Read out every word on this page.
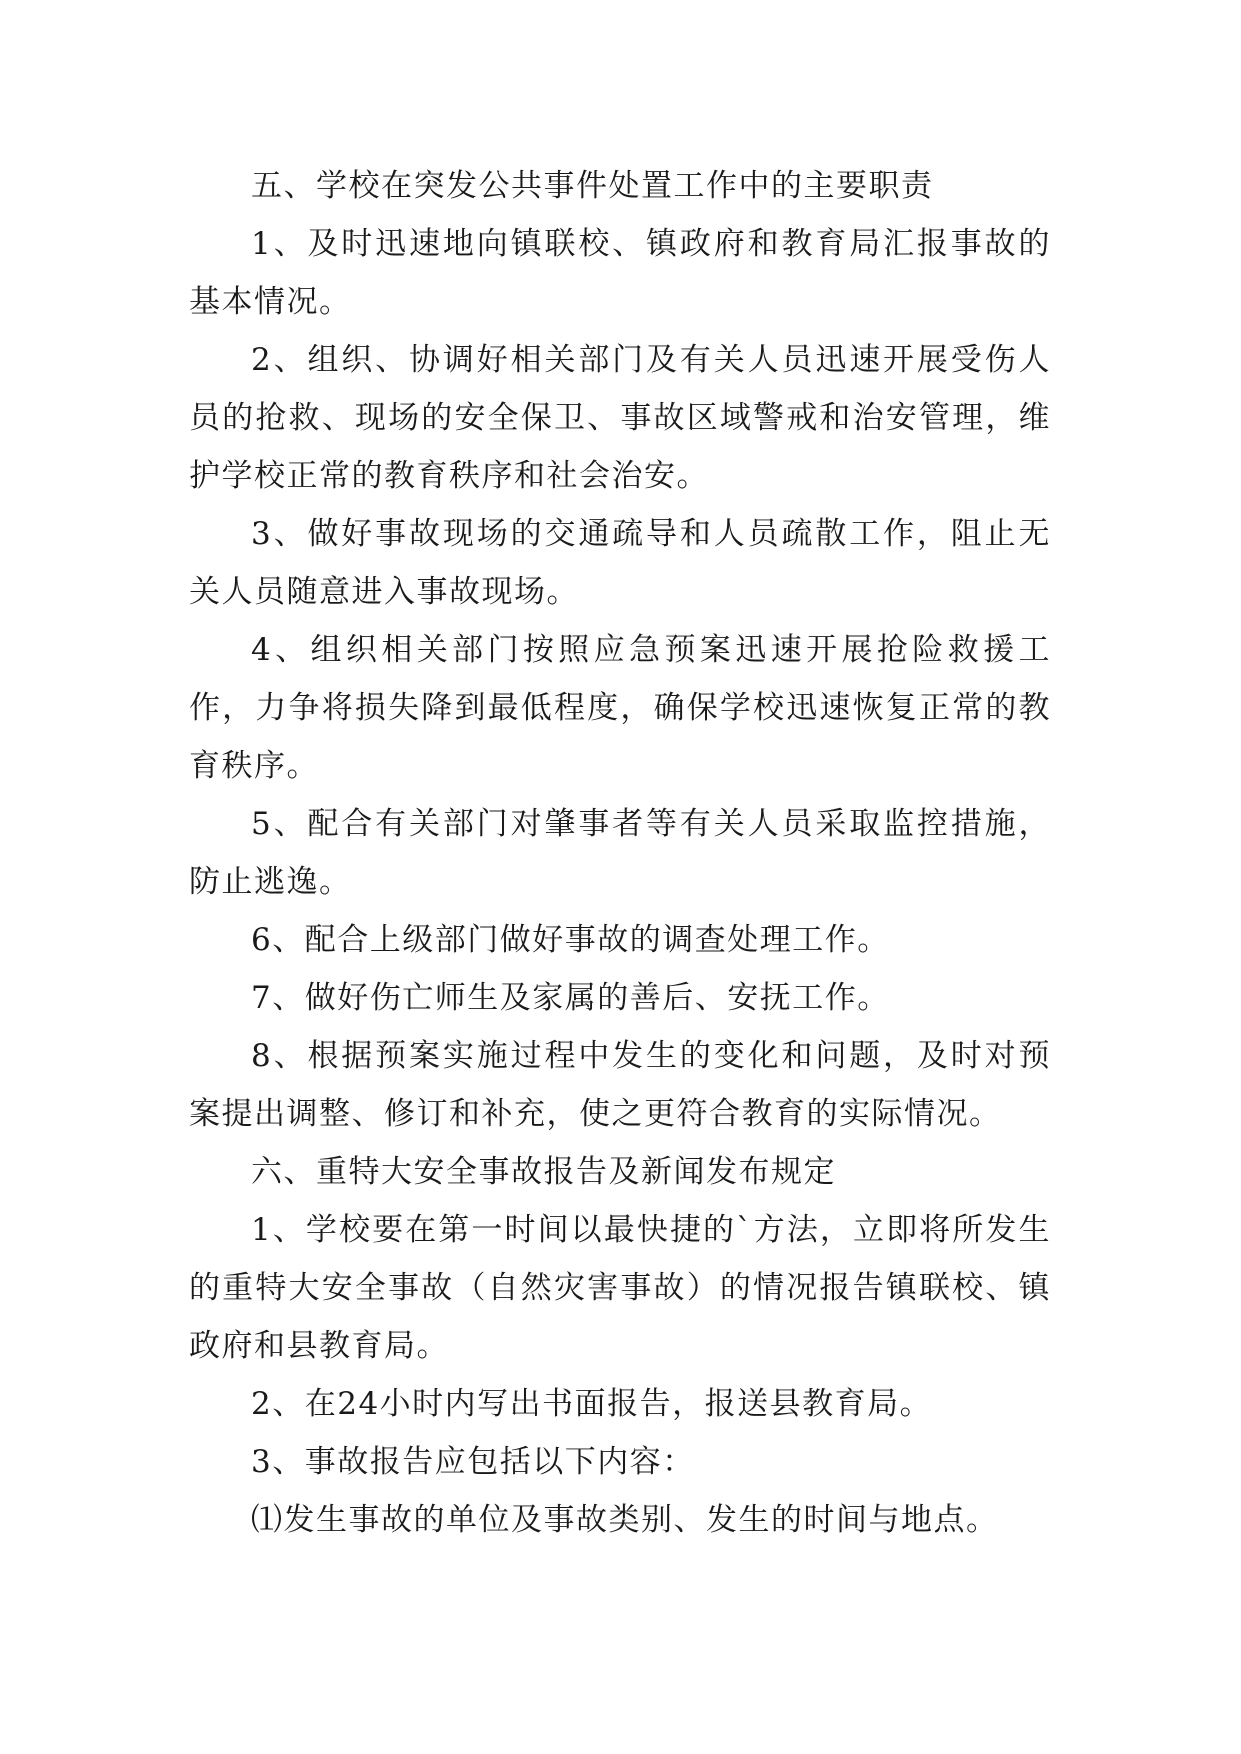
五、学校在突发公共事件处置工作中的主要职责

1、及时迅速地向镇联校、镇政府和教育局汇报事故的基本情况。

2、组织、协调好相关部门及有关人员迅速开展受伤人员的抢救、现场的安全保卫、事故区域警戒和治安管理，维护学校正常的教育秩序和社会治安。

3、做好事故现场的交通疏导和人员疏散工作，阻止无关人员随意进入事故现场。

4、组织相关部门按照应急预案迅速开展抢险救援工作，力争将损失降到最低程度，确保学校迅速恢复正常的教育秩序。

5、配合有关部门对肇事者等有关人员采取监控措施，防止逃逸。

6、配合上级部门做好事故的调查处理工作。

7、做好伤亡师生及家属的善后、安抚工作。

8、根据预案实施过程中发生的变化和问题，及时对预案提出调整、修订和补充，使之更符合教育的实际情况。

六、重特大安全事故报告及新闻发布规定

1、学校要在第一时间以最快捷的`方法，立即将所发生的重特大安全事故（自然灾害事故）的情况报告镇联校、镇政府和县教育局。

2、在24小时内写出书面报告，报送县教育局。

3、事故报告应包括以下内容：

⑴发生事故的单位及事故类别、发生的时间与地点。
